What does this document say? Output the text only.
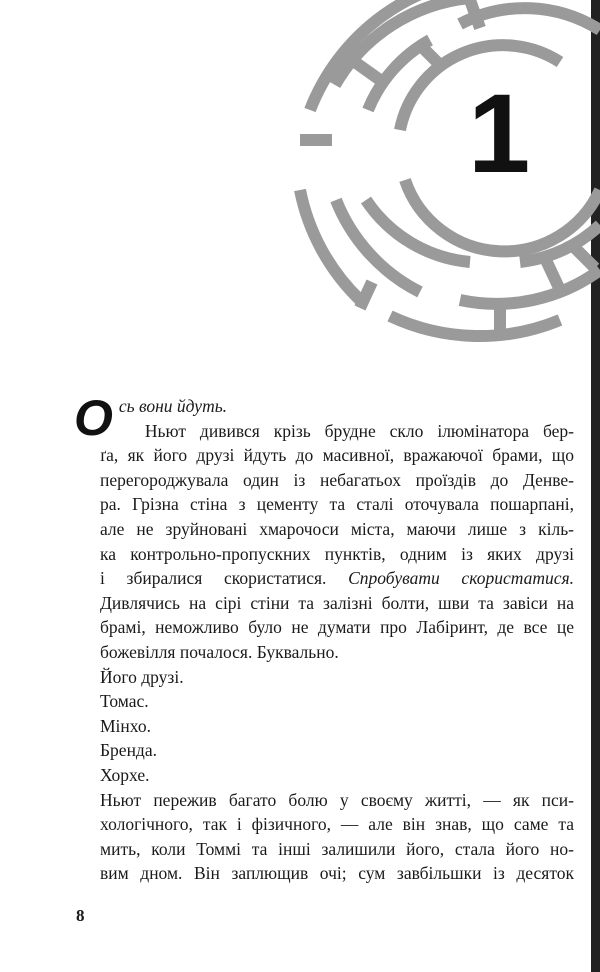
1

О сь вони йдуть.

Ньют дивився крізь брудне скло ілюмінатора бер-
ґа, як його друзі йдуть до масивної, вражаючої брами, що
перегороджувала один із небагатьох проїздів до Денве-
ра. Грізна стіна з цементу та сталі оточувала пошарпані,
але не зруйновані хмарочоси міста, маючи лише з кіль-
ка контрольно-пропускних пунктів, одним із яких друзі
і збиралися скористатися. Спробувати скористатися.
Дивлячись на сірі стіни та залізні болти, шви та завіси на
брамі, неможливо було не думати про Лабіринт, де все це
божевілля почалося. Буквально.

Його друзі.

Томас.

Мінхо.

Бренда.

Хорхе.

Ньют пережив багато болю у своєму житті, — як пси-
хологічного, так і фізичного, — але він знав, що саме та
мить, коли Томмі та інші залишили його, стала його но-
вим дном. Він заплющив очі; сум завбільшки із десяток

8
